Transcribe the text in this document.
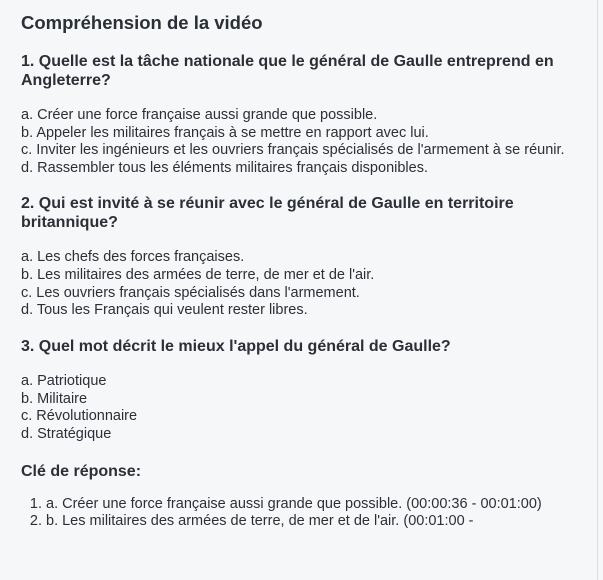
Compréhension de la vidéo
1. Quelle est la tâche nationale que le général de Gaulle entreprend en Angleterre?
a. Créer une force française aussi grande que possible.
b. Appeler les militaires français à se mettre en rapport avec lui.
c. Inviter les ingénieurs et les ouvriers français spécialisés de l'armement à se réunir.
d. Rassembler tous les éléments militaires français disponibles.
2. Qui est invité à se réunir avec le général de Gaulle en territoire britannique?
a. Les chefs des forces françaises.
b. Les militaires des armées de terre, de mer et de l'air.
c. Les ouvriers français spécialisés dans l'armement.
d. Tous les Français qui veulent rester libres.
3. Quel mot décrit le mieux l'appel du général de Gaulle?
a. Patriotique
b. Militaire
c. Révolutionnaire
d. Stratégique
Clé de réponse:
1. a. Créer une force française aussi grande que possible. (00:00:36 - 00:01:00)
2. b. Les militaires des armées de terre, de mer et de l'air. (00:01:00 -
